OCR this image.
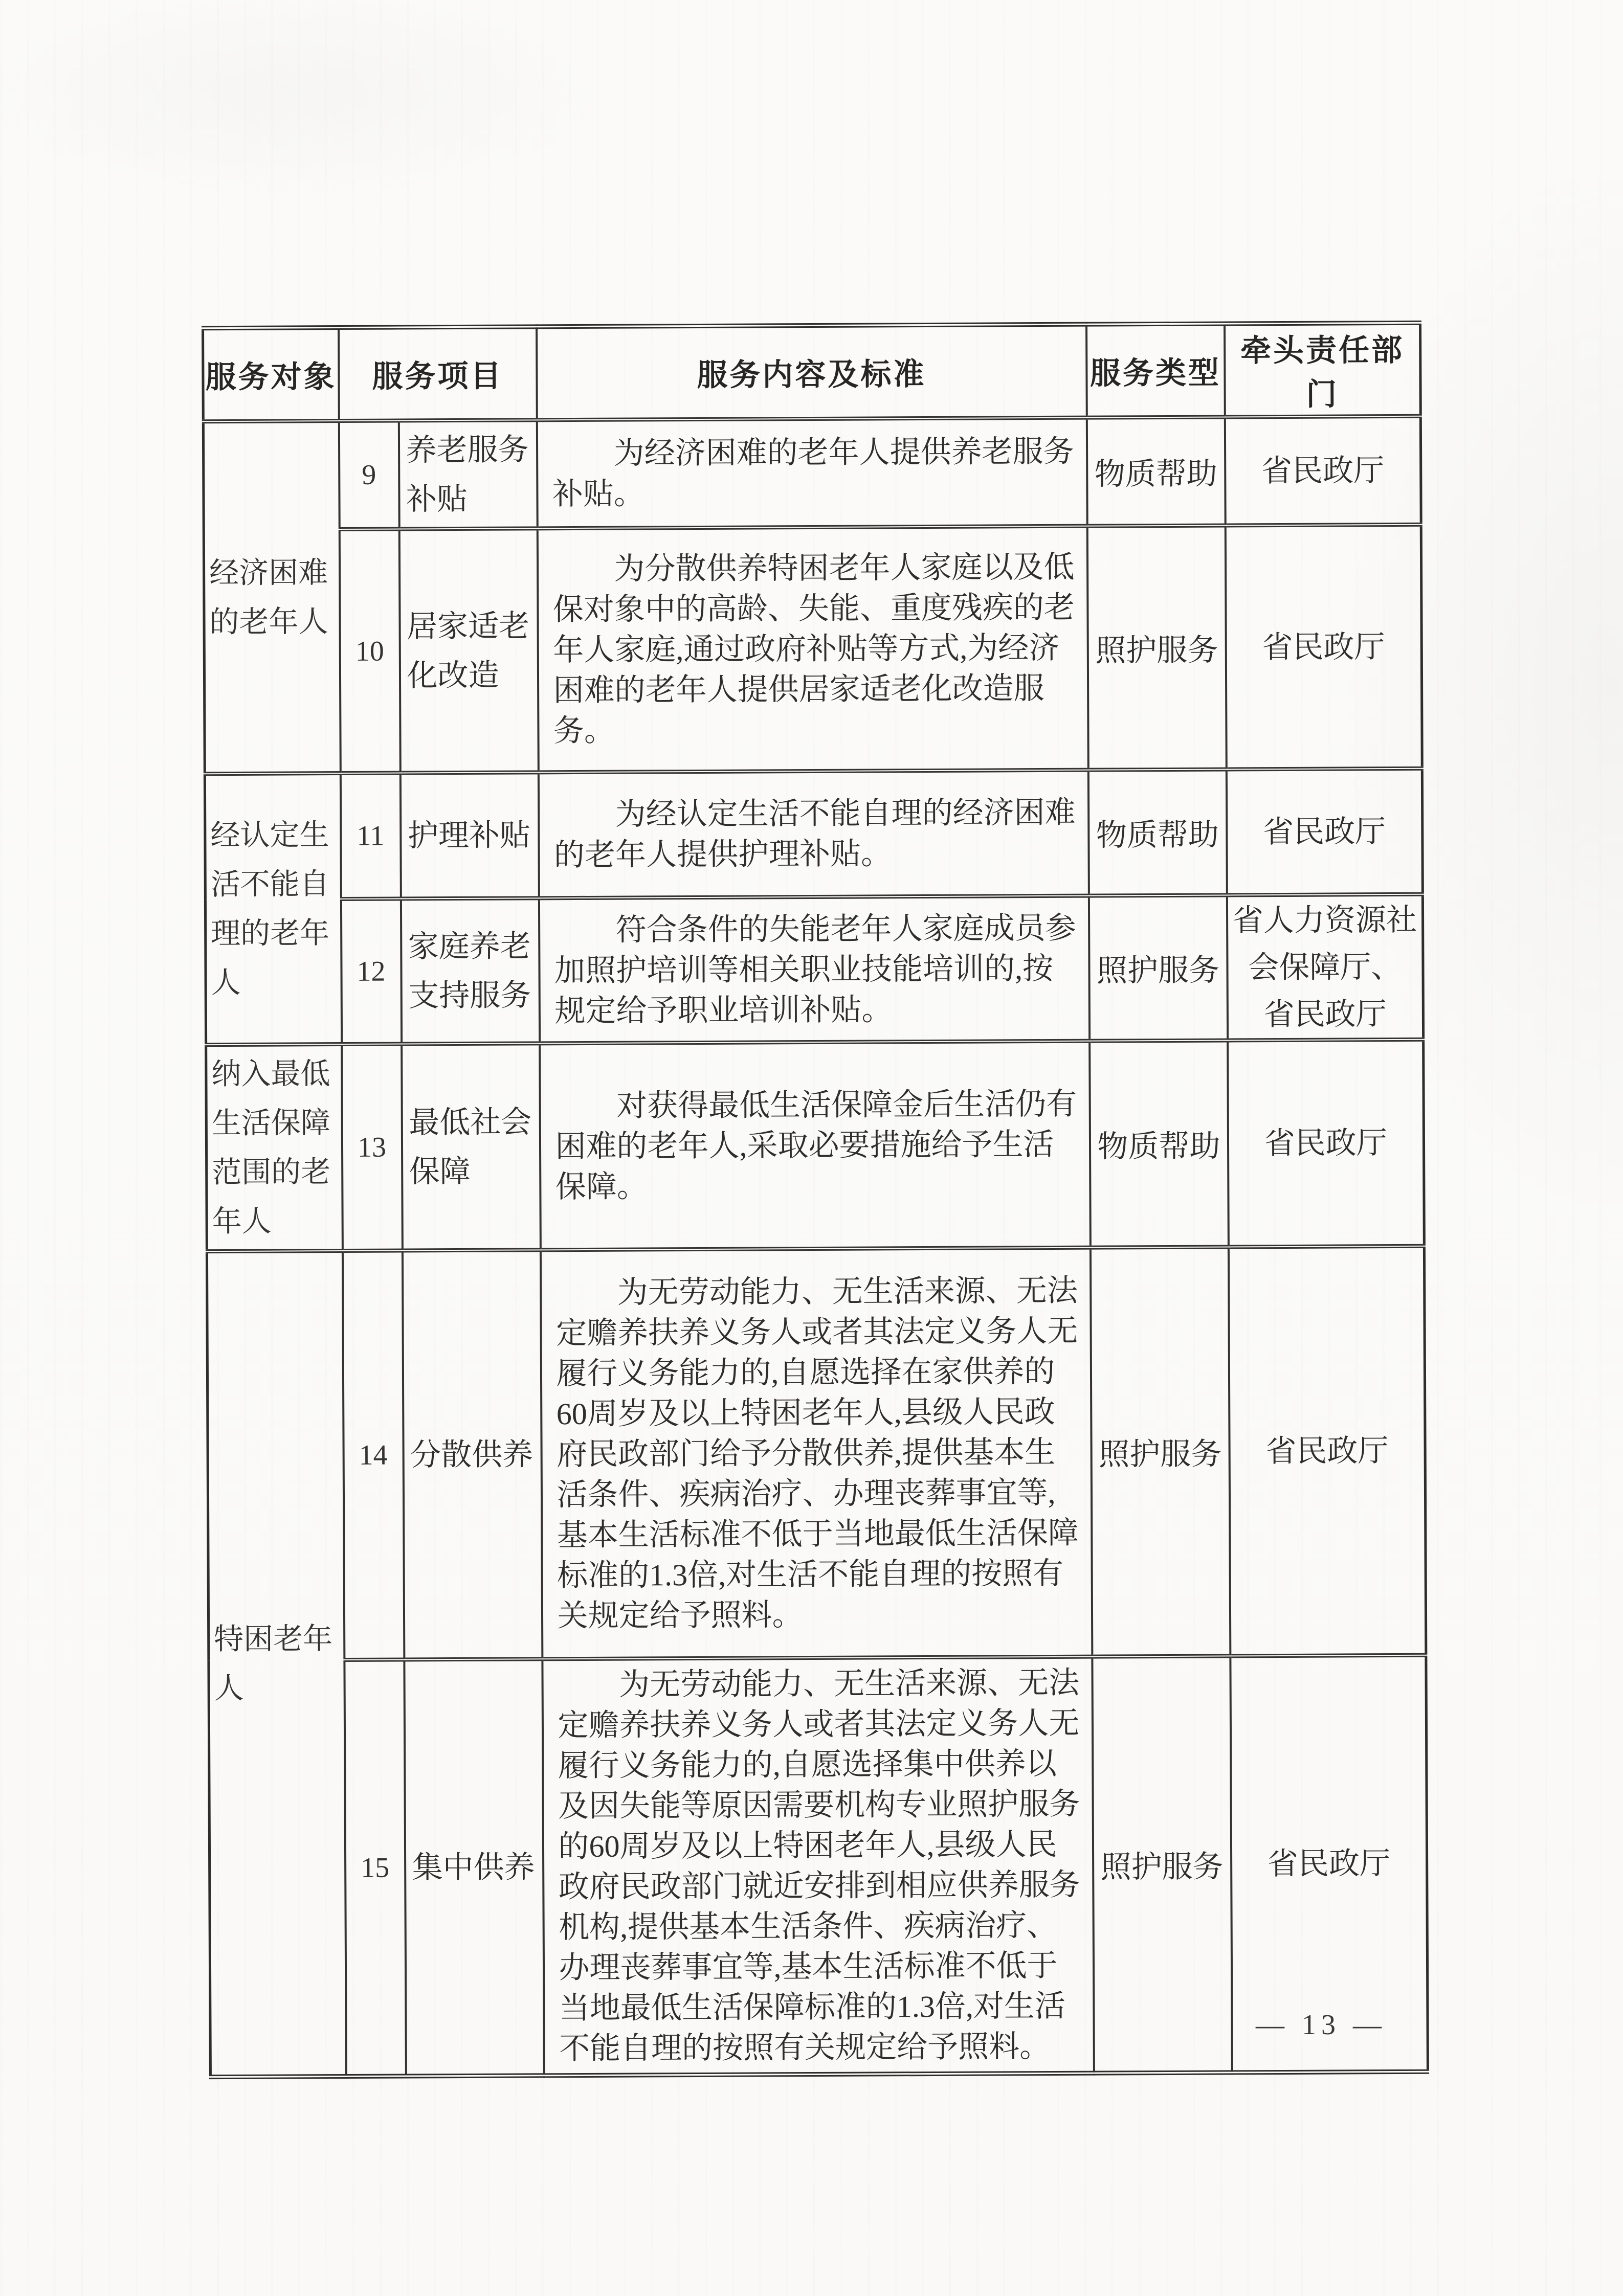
服务对象	服务项目		服务内容及标准	服务类型	牵头责任部门
经济困难的老年人	9	养老服务补贴	为经济困难的老年人提供养老服务补贴。	物质帮助	省民政厅
	10	居家适老化改造	为分散供养特困老年人家庭以及低保对象中的高龄、失能、重度残疾的老年人家庭,通过政府补贴等方式,为经济困难的老年人提供居家适老化改造服务。	照护服务	省民政厅
经认定生活不能自理的老年人	11	护理补贴	为经认定生活不能自理的经济困难的老年人提供护理补贴。	物质帮助	省民政厅
	12	家庭养老支持服务	符合条件的失能老年人家庭成员参加照护培训等相关职业技能培训的,按规定给予职业培训补贴。	照护服务	省人力资源社
会保障厅、
省民政厅
纳入最低生活保障范围的老年人	13	最低社会保障	对获得最低生活保障金后生活仍有困难的老年人,采取必要措施给予生活保障。	物质帮助	省民政厅
特困老年人	14	分散供养	为无劳动能力、无生活来源、无法定赡养扶养义务人或者其法定义务人无履行义务能力的,自愿选择在家供养的60周岁及以上特困老年人,县级人民政府民政部门给予分散供养,提供基本生活条件、疾病治疗、办理丧葬事宜等,基本生活标准不低于当地最低生活保障标准的1.3倍,对生活不能自理的按照有关规定给予照料。	照护服务	省民政厅
	15	集中供养	为无劳动能力、无生活来源、无法定赡养扶养义务人或者其法定义务人无履行义务能力的,自愿选择集中供养以及因失能等原因需要机构专业照护服务的60周岁及以上特困老年人,县级人民政府民政部门就近安排到相应供养服务机构,提供基本生活条件、疾病治疗、办理丧葬事宜等,基本生活标准不低于当地最低生活保障标准的1.3倍,对生活不能自理的按照有关规定给予照料。	照护服务	省民政厅
— 13 —
